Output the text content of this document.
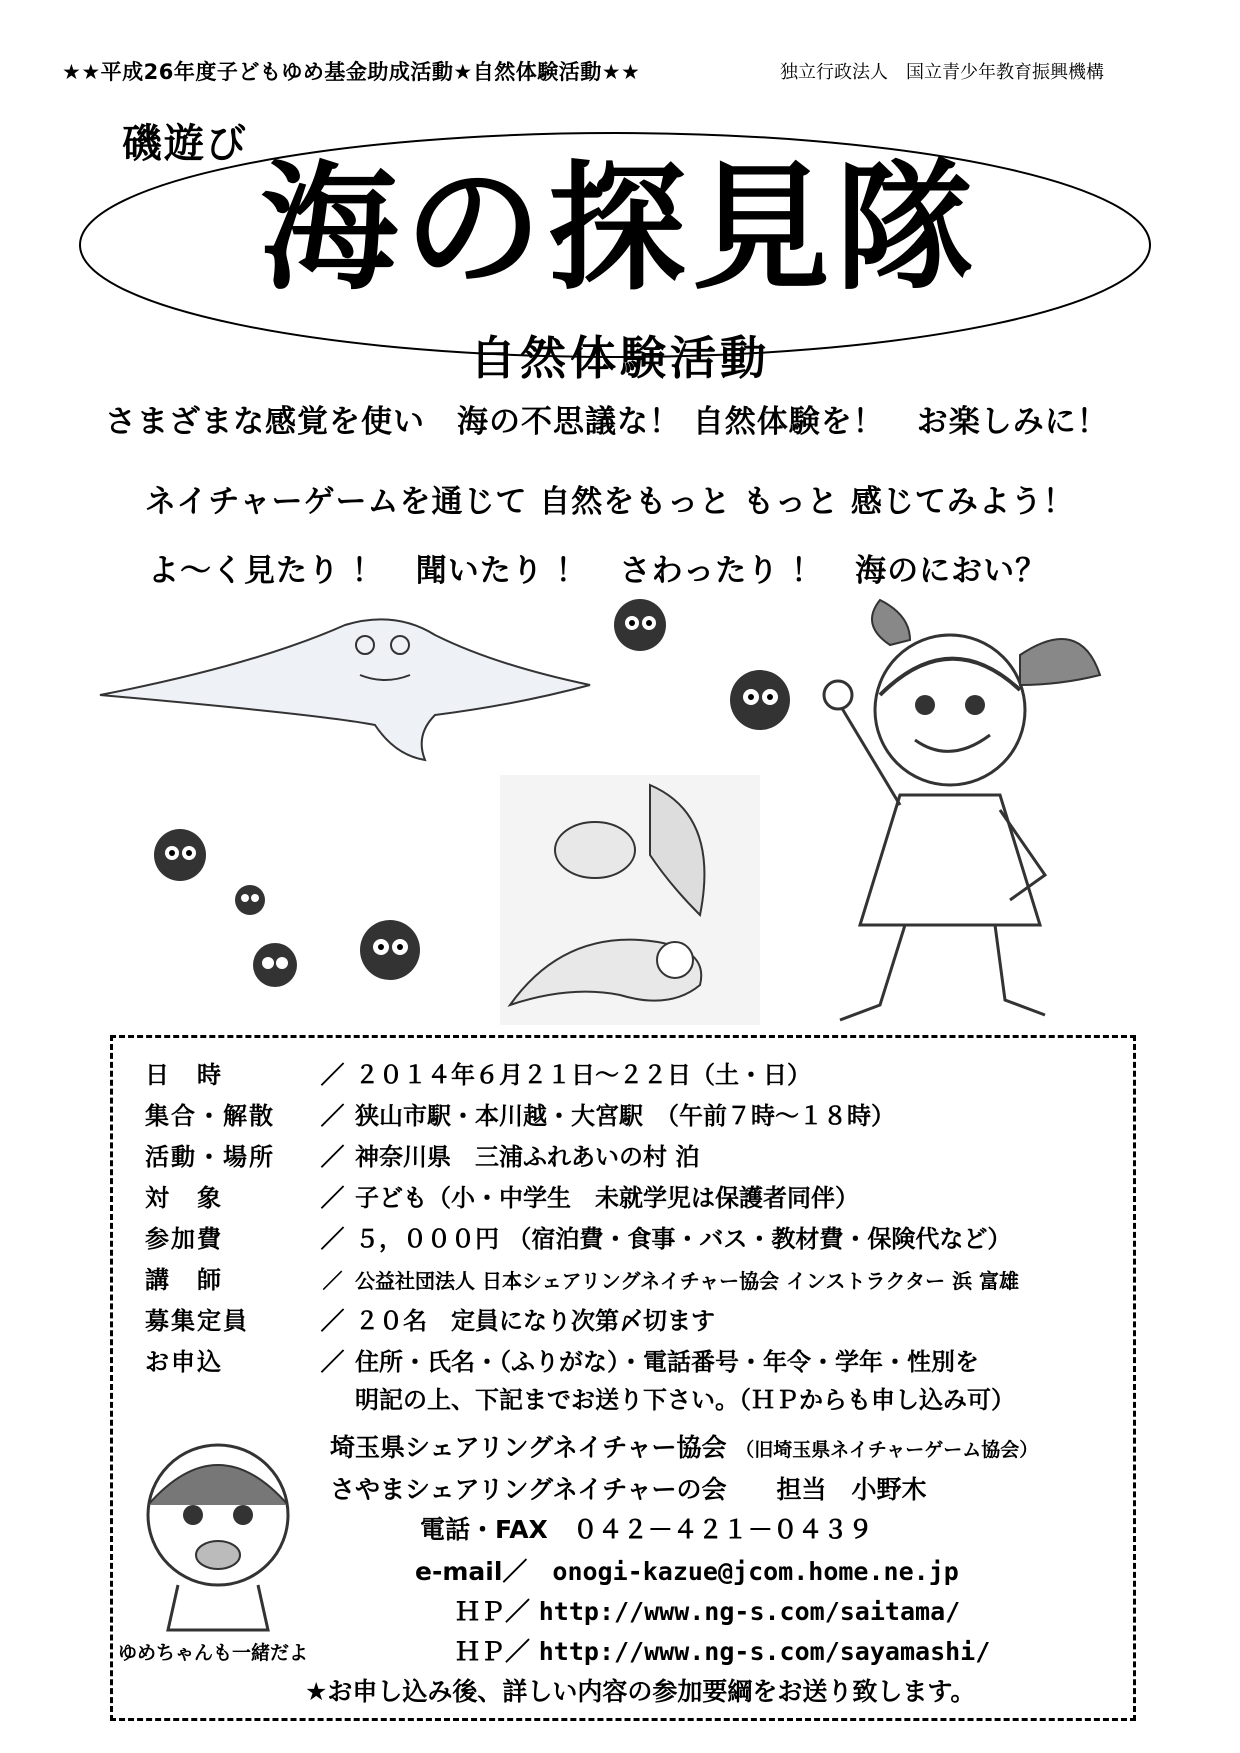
★★平成26年度子どもゆめ基金助成活動★自然体験活動★★	独立行政法人　国立青少年教育振興機構
磯遊び
海の探見隊
自然体験活動
さまざまな感覚を使い　海の不思議な！ 自然体験を！　お楽しみに！
ネイチャーゲームを通じて 自然をもっと もっと 感じてみよう！
よ～く見たり ！　聞いたり ！　さわったり ！　海のにおい？
日　時	／ ２０１４年６月２１日～２２日（土・日）
集合・解散 ／ 狭山市駅・本川越・大宮駅　（午前７時～１８時）
活動・場所 ／ 神奈川県　三浦ふれあいの村 泊
対　象	／ 子ども（小・中学生　未就学児は保護者同伴）
参加費	／ ５，０００円 （宿泊費・食事・バス・教材費・保険代など）
講　師	／ 公益社団法人 日本シェアリングネイチャー協会 インストラクター 浜 富雄
募集定員	／ ２０名　定員になり次第〆切ます
お申込	／ 住所・氏名・（ふりがな）・電話番号・年令・学年・性別を
明記の上、下記までお送り下さい。（ＨＰからも申し込み可）
ゆめちゃんも一緒だよ
埼玉県シェアリングネイチャー協会 （旧埼玉県ネイチャーゲーム協会）
さやまシェアリングネイチャーの会　　担当　小野木
電話・FAX　０４２－４２１－０４３９
e-mail／　 onogi-kazue@jcom.home.ne.jp
ＨＰ／ http://www.ng-s.com/saitama/
ＨＰ／ http://www.ng-s.com/sayamashi/
★お申し込み後、詳しい内容の参加要綱をお送り致します。
